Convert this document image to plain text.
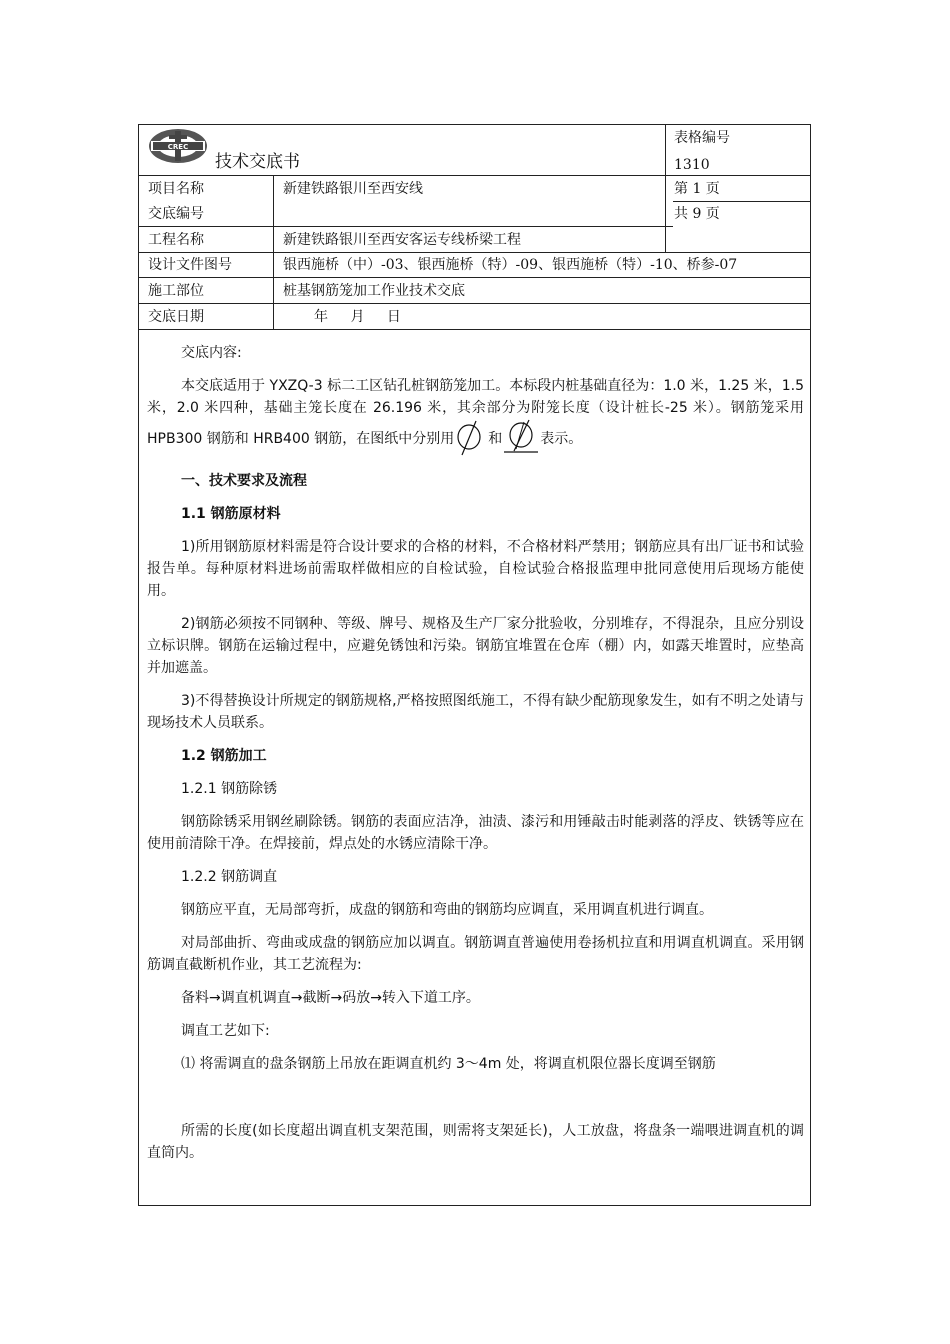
CREC
技术交底书
表格编号
1310
第 1 页
共 9 页
项目名称	新建铁路银川至西安线
交底编号
工程名称	新建铁路银川至西安客运专线桥梁工程
设计文件图号	银西施桥（中）-03、银西施桥（特）-09、银西施桥（特）-10、桥参-07
施工部位	桩基钢筋笼加工作业技术交底
交底日期	年 月 日

交底内容:

本交底适用于 YXZQ-3 标二工区钻孔桩钢筋笼加工。本标段内桩基础直径为：1.0 米，1.25 米，1.5 米，2.0 米四种，基础主笼长度在 26.196 米，其余部分为附笼长度（设计桩长-25 米）。钢筋笼采用 HPB300 钢筋和 HRB400 钢筋，在图纸中分别用 和	表示。

一、技术要求及流程

1.1 钢筋原材料

1)所用钢筋原材料需是符合设计要求的合格的材料，不合格材料严禁用；钢筋应具有出厂证书和试验报告单。每种原材料进场前需取样做相应的自检试验，自检试验合格报监理申批同意使用后现场方能使用。

2)钢筋必须按不同钢种、等级、牌号、规格及生产厂家分批验收，分别堆存，不得混杂，且应分别设立标识牌。钢筋在运输过程中，应避免锈蚀和污染。钢筋宜堆置在仓库（棚）内，如露天堆置时，应垫高并加遮盖。

3)不得替换设计所规定的钢筋规格,严格按照图纸施工，不得有缺少配筋现象发生，如有不明之处请与现场技术人员联系。

1.2 钢筋加工

1.2.1 钢筋除锈

钢筋除锈采用钢丝刷除锈。钢筋的表面应洁净，油渍、漆污和用锤敲击时能剥落的浮皮、铁锈等应在使用前清除干净。在焊接前，焊点处的水锈应清除干净。

1.2.2 钢筋调直

钢筋应平直，无局部弯折，成盘的钢筋和弯曲的钢筋均应调直，采用调直机进行调直。

对局部曲折、弯曲或成盘的钢筋应加以调直。钢筋调直普遍使用卷扬机拉直和用调直机调直。采用钢筋调直截断机作业，其工艺流程为:

备料→调直机调直→截断→码放→转入下道工序。

调直工艺如下:

⑴ 将需调直的盘条钢筋上吊放在距调直机约 3～4m 处，将调直机限位器长度调至钢筋

所需的长度(如长度超出调直机支架范围，则需将支架延长)，人工放盘，将盘条一端喂进调直机的调直筒内。
